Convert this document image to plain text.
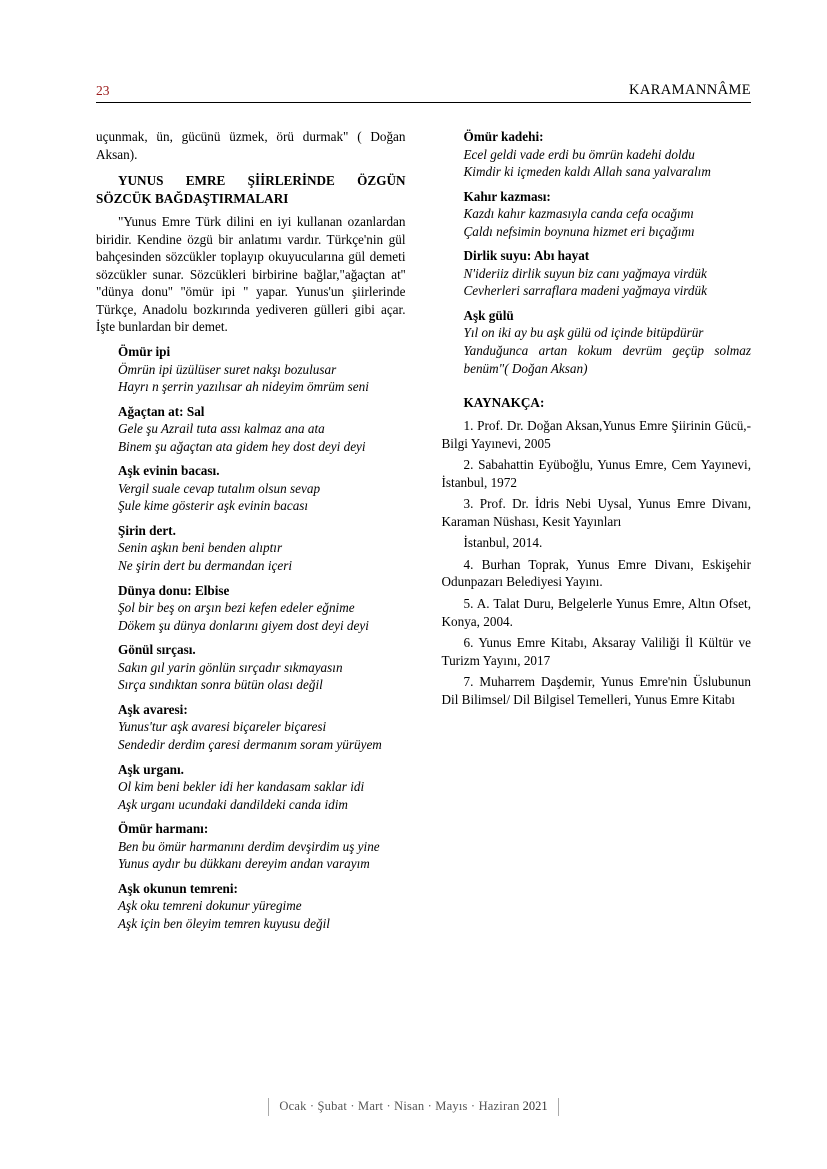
23	KARAMANNÂME

uçunmak, ün, gücünü üzmek, örü durmak" ( Doğan Aksan).

YUNUS EMRE ŞİİRLERİNDE ÖZGÜN SÖZCÜK BAĞDAŞTIRMALARI

"Yunus Emre Türk dilini en iyi kullanan ozanlardan biridir. Kendine özgü bir anlatımı vardır. Türkçe'nin gül bahçesinden sözcükler toplayıp okuyucularına gül demeti sözcükler sunar. Sözcükleri birbirine bağlar,"ağaçtan at'' "dünya donu'' ''ömür ipi '' yapar. Yunus'un şiirlerinde Türkçe, Anadolu bozkırında yediveren gülleri gibi açar. İşte bunlardan bir demet.

Ömür ipi

Ömrün ipi üzülüser suret nakşı bozulusar

Hayrı n şerrin yazılısar ah nideyim ömrüm seni

Ağaçtan at: Sal

Gele şu Azrail tuta assı kalmaz ana ata

Binem şu ağaçtan ata gidem hey dost deyi deyi

Aşk evinin bacası.

Vergil suale cevap tutalım olsun sevap

Şule kime gösterir aşk evinin bacası

Şirin dert.

Senin aşkın beni benden alıptır

Ne şirin dert bu dermandan içeri

Dünya donu: Elbise

Şol bir beş on arşın bezi kefen edeler eğnime

Dökem şu dünya donlarını giyem dost deyi deyi

Gönül sırçası.

Sakın gıl yarin gönlün sırçadır sıkmayasın

Sırça sındıktan sonra bütün olası değil

Aşk avaresi:

Yunus'tur aşk avaresi biçareler biçaresi

Sendedir derdim çaresi dermanım soram yürüyem

Aşk urganı.

Ol kim beni bekler idi her kandasam saklar idi

Aşk urganı ucundaki dandildeki canda idim

Ömür harmanı:

Ben bu ömür harmanını derdim devşirdim uş yine

Yunus aydır bu dükkanı dereyim andan varayım

Aşk okunun temreni:

Aşk oku temreni dokunur yüregime

Aşk için ben öleyim temren kuyusu değil

Ömür kadehi:

Ecel geldi vade erdi bu ömrün kadehi doldu

Kimdir ki içmeden kaldı Allah sana yalvaralım

Kahır kazması:

Kazdı kahır kazmasıyla canda cefa ocağımı

Çaldı nefsimin boynuna hizmet eri bıçağımı

Dirlik suyu: Abı hayat

N'ideriiz dirlik suyun biz canı yağmaya virdük

Cevherleri sarraflara madeni yağmaya virdük

Aşk gülü

Yıl on iki ay bu aşk gülü od içinde bitüpdürür

Yanduğunca artan kokum devrüm geçüp solmaz benüm"( Doğan Aksan)

KAYNAKÇA:

1. Prof. Dr. Doğan Aksan,Yunus Emre Şiirinin Gücü,-Bilgi Yayınevi, 2005

2. Sabahattin Eyüboğlu, Yunus Emre, Cem Yayınevi, İstanbul, 1972

3. Prof. Dr. İdris Nebi Uysal, Yunus Emre Divanı, Karaman Nüshası, Kesit Yayınları

İstanbul, 2014.

4. Burhan Toprak, Yunus Emre Divanı, Eskişehir Odunpazarı Belediyesi Yayını.

5. A. Talat Duru, Belgelerle Yunus Emre, Altın Ofset, Konya, 2004.

6. Yunus Emre Kitabı, Aksaray Valiliği İl Kültür ve Turizm Yayını, 2017

7. Muharrem Daşdemir, Yunus Emre'nin Üslubunun Dil Bilimsel/ Dil Bilgisel Temelleri, Yunus Emre Kitabı

Ocak · Şubat · Mart · Nisan · Mayıs · Haziran 2021
